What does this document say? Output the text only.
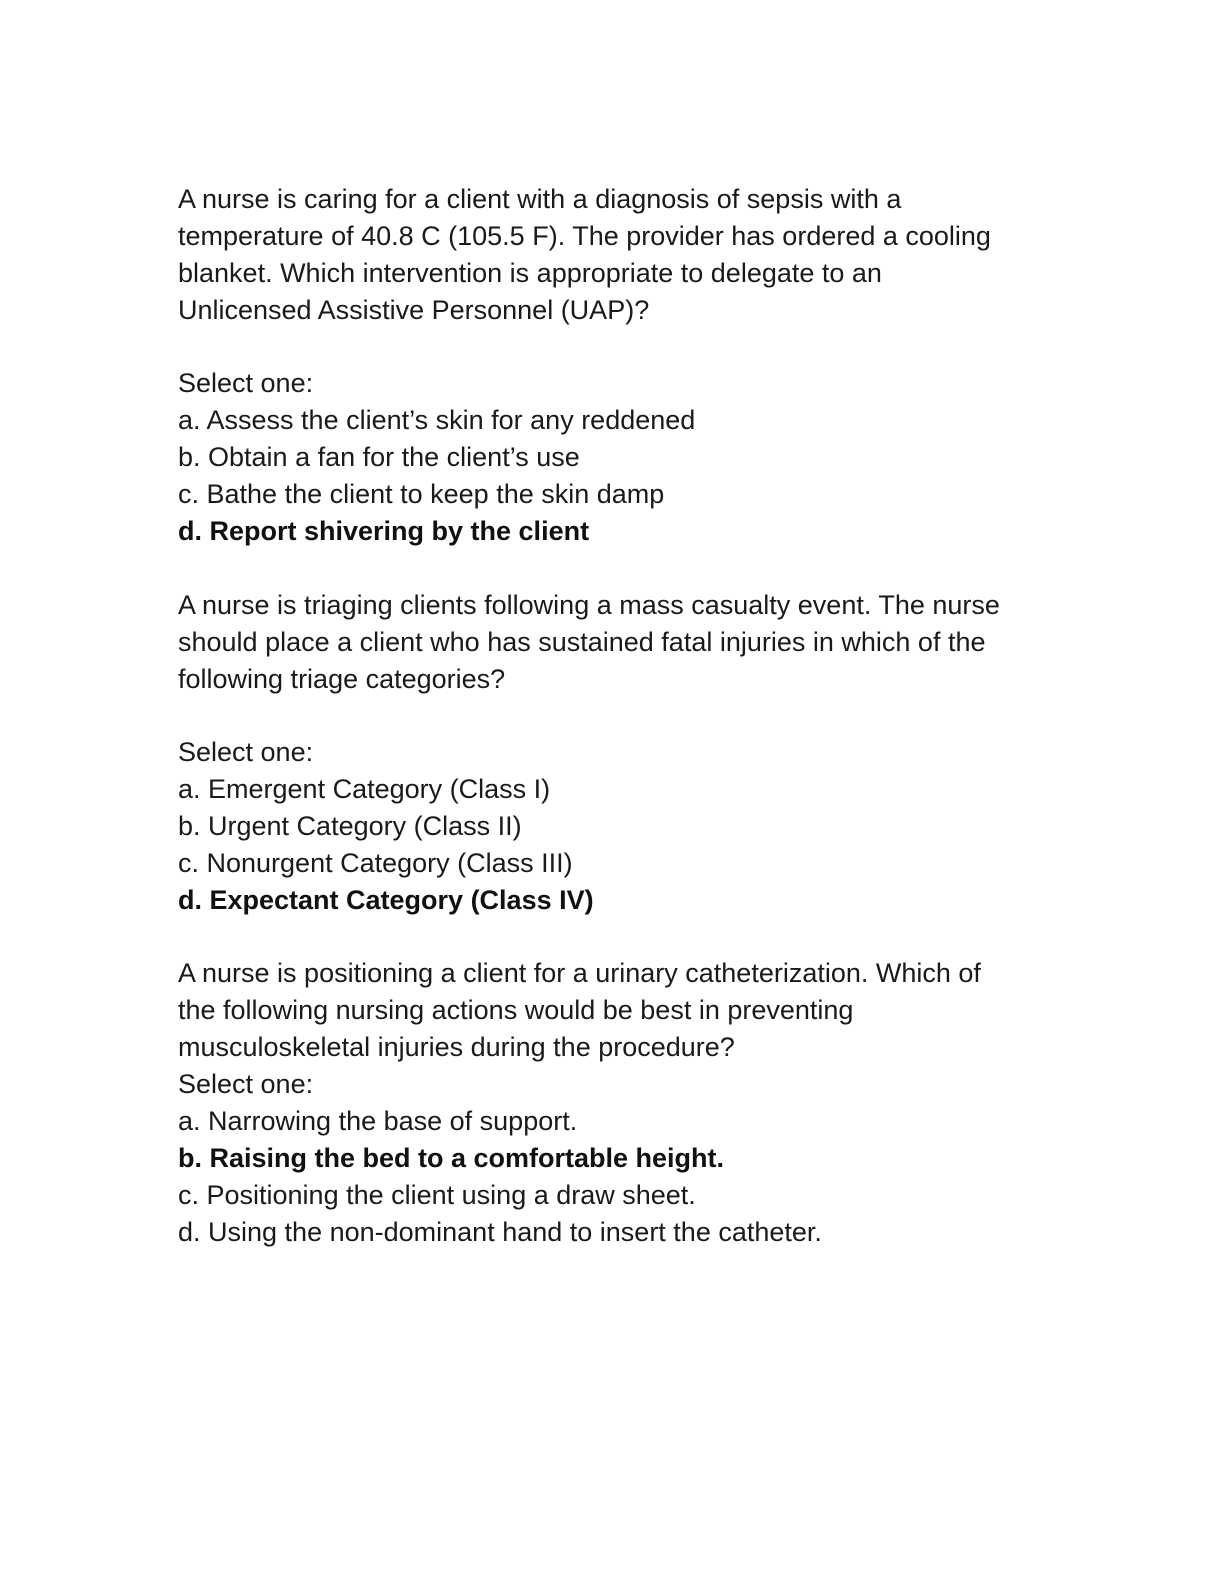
A nurse is caring for a client with a diagnosis of sepsis with a
temperature of 40.8 C (105.5 F). The provider has ordered a cooling
blanket. Which intervention is appropriate to delegate to an
Unlicensed Assistive Personnel (UAP)?
Select one:
a. Assess the client’s skin for any reddened
b. Obtain a fan for the client’s use
c. Bathe the client to keep the skin damp
d. Report shivering by the client
A nurse is triaging clients following a mass casualty event. The nurse
should place a client who has sustained fatal injuries in which of the
following triage categories?
Select one:
a. Emergent Category (Class I)
b. Urgent Category (Class II)
c. Nonurgent Category (Class III)
d. Expectant Category (Class IV)
A nurse is positioning a client for a urinary catheterization. Which of
the following nursing actions would be best in preventing
musculoskeletal injuries during the procedure?
Select one:
a. Narrowing the base of support.
b. Raising the bed to a comfortable height.
c. Positioning the client using a draw sheet.
d. Using the non-dominant hand to insert the catheter.
